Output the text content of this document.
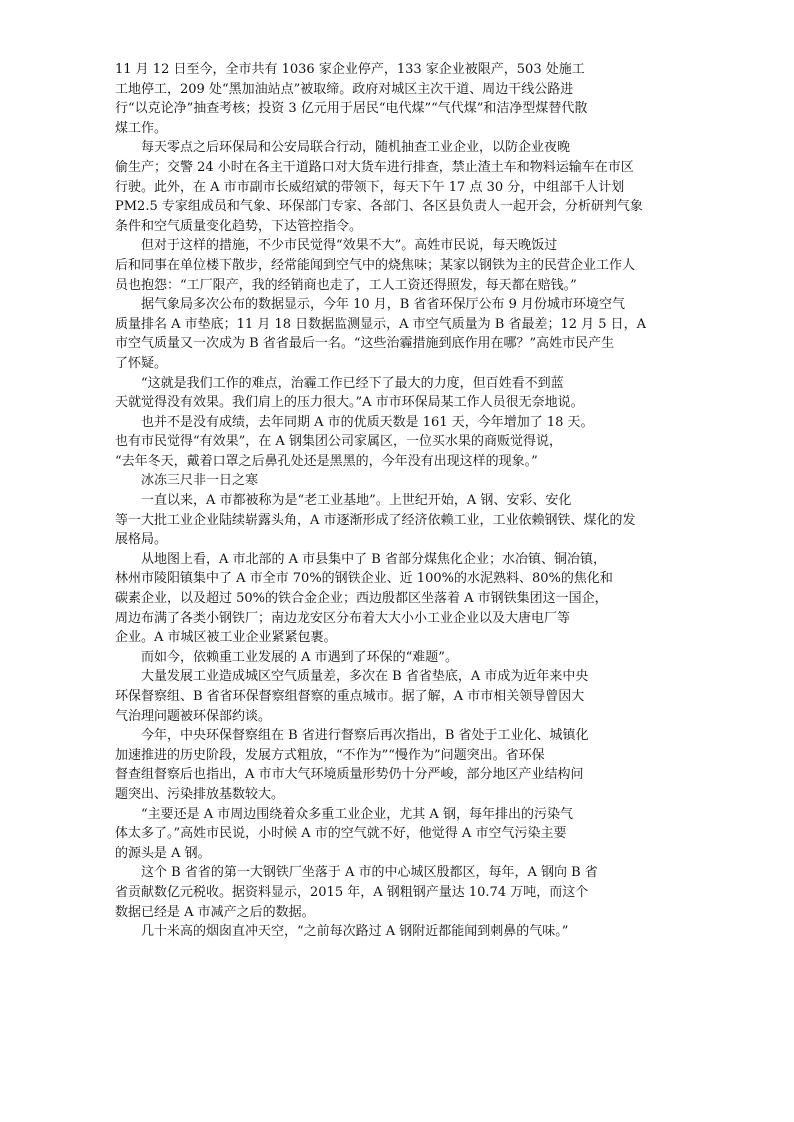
11 月 12 日至今，全市共有 1036 家企业停产，133 家企业被限产，503 处施工
工地停工，209 处“黑加油站点”被取缔。政府对城区主次干道、周边干线公路进
行“以克论净”抽查考核；投资 3 亿元用于居民“电代煤”“气代煤”和洁净型煤替代散
煤工作。

每天零点之后环保局和公安局联合行动，随机抽查工业企业，以防企业夜晚
偷生产；交警 24 小时在各主干道路口对大货车进行排查，禁止渣土车和物料运输车在市区
行驶。此外，在 A 市市副市长威绍斌的带领下，每天下午 17 点 30 分，中组部千人计划
PM2.5 专家组成员和气象、环保部门专家、各部门、各区县负责人一起开会，分析研判气象
条件和空气质量变化趋势，下达管控指令。

但对于这样的措施，不少市民觉得“效果不大”。高姓市民说，每天晚饭过
后和同事在单位楼下散步，经常能闻到空气中的烧焦味；某家以钢铁为主的民营企业工作人
员也抱怨：“工厂限产，我的经销商也走了，工人工资还得照发，每天都在赔钱。”

据气象局多次公布的数据显示，今年 10 月，B 省省环保厅公布 9 月份城市环境空气
质量排名 A 市垫底；11 月 18 日数据监测显示，A 市空气质量为 B 省最差；12 月 5 日，A
市空气质量又一次成为 B 省省最后一名。“这些治霾措施到底作用在哪？”高姓市民产生
了怀疑。

“这就是我们工作的难点，治霾工作已经下了最大的力度，但百姓看不到蓝
天就觉得没有效果。我们肩上的压力很大。”A 市市环保局某工作人员很无奈地说。

也并不是没有成绩，去年同期 A 市的优质天数是 161 天，今年增加了 18 天。
也有市民觉得“有效果”，在 A 钢集团公司家属区，一位买水果的商贩觉得说，
“去年冬天，戴着口罩之后鼻孔处还是黑黑的，今年没有出现这样的现象。”

冰冻三尺非一日之寒

一直以来，A 市都被称为是“老工业基地”。上世纪开始，A 钢、安彩、安化
等一大批工业企业陆续崭露头角，A 市逐渐形成了经济依赖工业，工业依赖钢铁、煤化的发
展格局。

从地图上看，A 市北部的 A 市县集中了 B 省部分煤焦化企业；水冶镇、铜冶镇，
林州市陵阳镇集中了 A 市全市 70%的钢铁企业、近 100%的水泥熟料、80%的焦化和
碳素企业，以及超过 50%的铁合金企业；西边殷都区坐落着 A 市钢铁集团这一国企，
周边布满了各类小钢铁厂；南边龙安区分布着大大小小工业企业以及大唐电厂等
企业。A 市城区被工业企业紧紧包裹。

而如今，依赖重工业发展的 A 市遇到了环保的“难题”。

大量发展工业造成城区空气质量差，多次在 B 省省垫底，A 市成为近年来中央
环保督察组、B 省省环保督察组督察的重点城市。据了解，A 市市相关领导曾因大
气治理问题被环保部约谈。

今年，中央环保督察组在 B 省进行督察后再次指出，B 省处于工业化、城镇化
加速推进的历史阶段，发展方式粗放，“不作为”“慢作为”问题突出。省环保
督查组督察后也指出，A 市市大气环境质量形势仍十分严峻，部分地区产业结构问
题突出、污染排放基数较大。

“主要还是 A 市周边围绕着众多重工业企业，尤其 A 钢，每年排出的污染气
体太多了。”高姓市民说，小时候 A 市的空气就不好，他觉得 A 市空气污染主要
的源头是 A 钢。

这个 B 省省的第一大钢铁厂坐落于 A 市的中心城区殷都区，每年，A 钢向 B 省
省贡献数亿元税收。据资料显示，2015 年，A 钢粗钢产量达 10.74 万吨，而这个
数据已经是 A 市减产之后的数据。

几十米高的烟囱直冲天空，“之前每次路过 A 钢附近都能闻到刺鼻的气味。”
